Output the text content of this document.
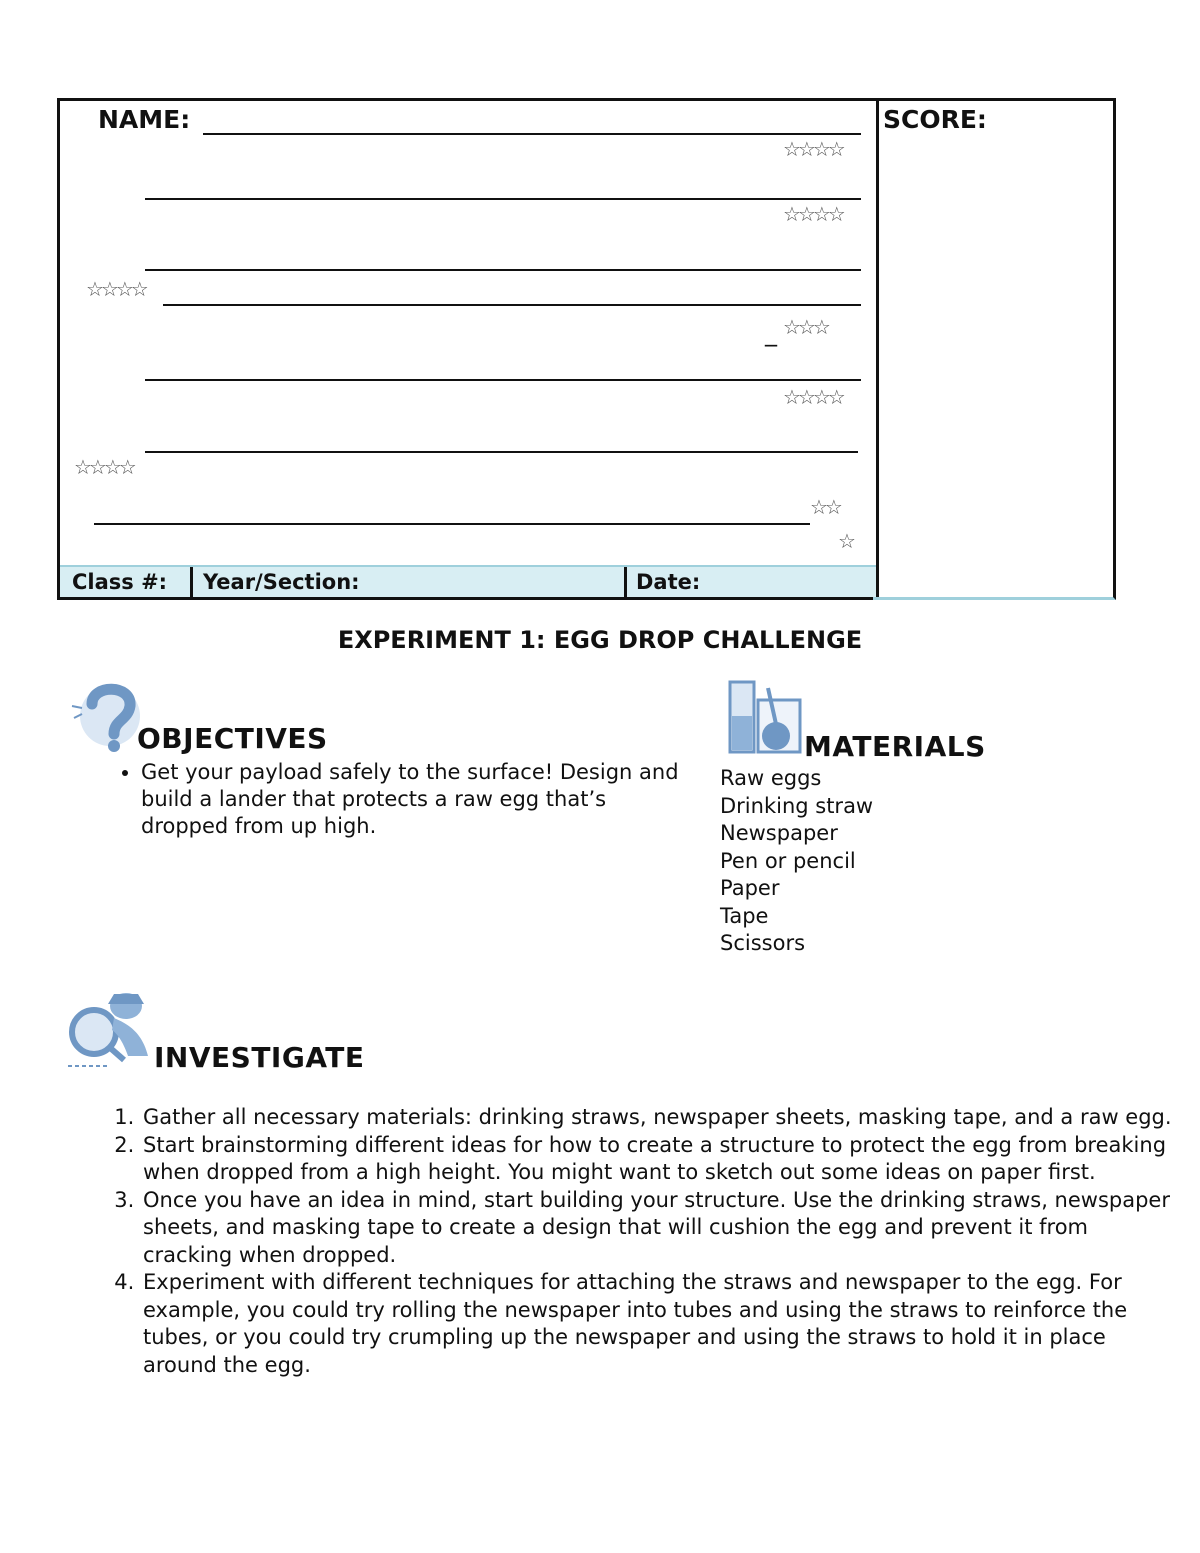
NAME:
☆☆☆☆
☆☆☆☆
☆☆☆☆
_ ☆☆☆
☆☆☆☆
☆☆☆☆
☆☆
☆
Class #: Year/Section:	Date:
SCORE:
EXPERIMENT 1: EGG DROP CHALLENGE
OBJECTIVES
• Get your payload safely to the surface! Design and build a lander that protects a raw egg that’s dropped from up high.
MATERIALS
Raw eggs
Drinking straw
Newspaper
Pen or pencil
Paper
Tape
Scissors
INVESTIGATE
1. Gather all necessary materials: drinking straws, newspaper sheets, masking tape, and a raw egg.
2. Start brainstorming different ideas for how to create a structure to protect the egg from breaking when dropped from a high height. You might want to sketch out some ideas on paper first.
3. Once you have an idea in mind, start building your structure. Use the drinking straws, newspaper sheets, and masking tape to create a design that will cushion the egg and prevent it from cracking when dropped.
4. Experiment with different techniques for attaching the straws and newspaper to the egg. For example, you could try rolling the newspaper into tubes and using the straws to reinforce the tubes, or you could try crumpling up the newspaper and using the straws to hold it in place around the egg.
